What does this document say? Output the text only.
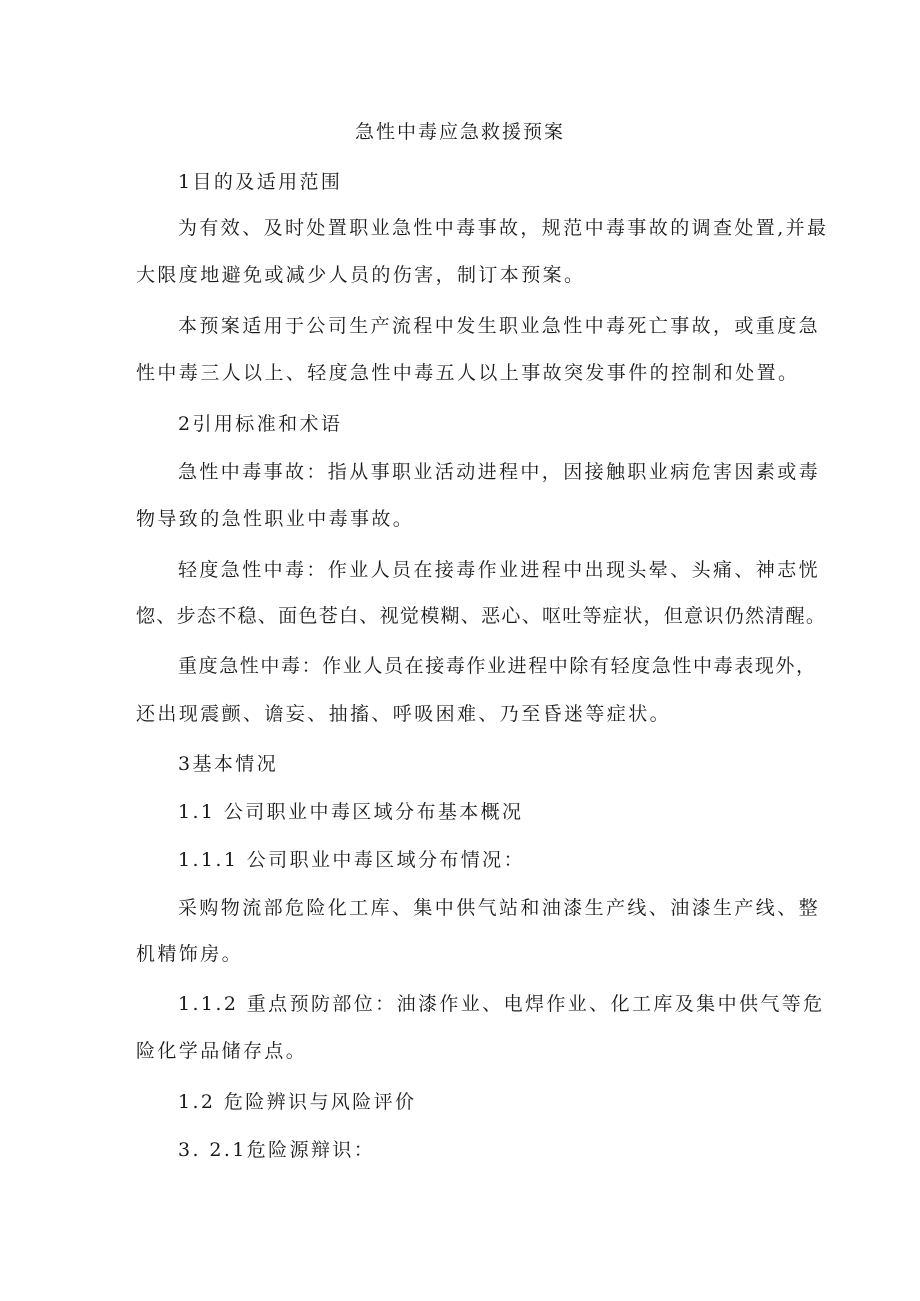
急性中毒应急救援预案
1目的及适用范围
为有效、及时处置职业急性中毒事故，规范中毒事故的调查处置,并最
大限度地避免或减少人员的伤害，制订本预案。
本预案适用于公司生产流程中发生职业急性中毒死亡事故，或重度急
性中毒三人以上、轻度急性中毒五人以上事故突发事件的控制和处置。
2引用标准和术语
急性中毒事故：指从事职业活动进程中，因接触职业病危害因素或毒
物导致的急性职业中毒事故。
轻度急性中毒：作业人员在接毒作业进程中出现头晕、头痛、神志恍
惚、步态不稳、面色苍白、视觉模糊、恶心、呕吐等症状，但意识仍然清醒。
重度急性中毒：作业人员在接毒作业进程中除有轻度急性中毒表现外，
还出现震颤、谵妄、抽搐、呼吸困难、乃至昏迷等症状。
3基本情况
1.1 公司职业中毒区域分布基本概况
1.1.1 公司职业中毒区域分布情况：
采购物流部危险化工库、集中供气站和油漆生产线、油漆生产线、整
机精饰房。
1.1.2 重点预防部位：油漆作业、电焊作业、化工库及集中供气等危
险化学品储存点。
1.2 危险辨识与风险评价
3. 2.1危险源辩识：
